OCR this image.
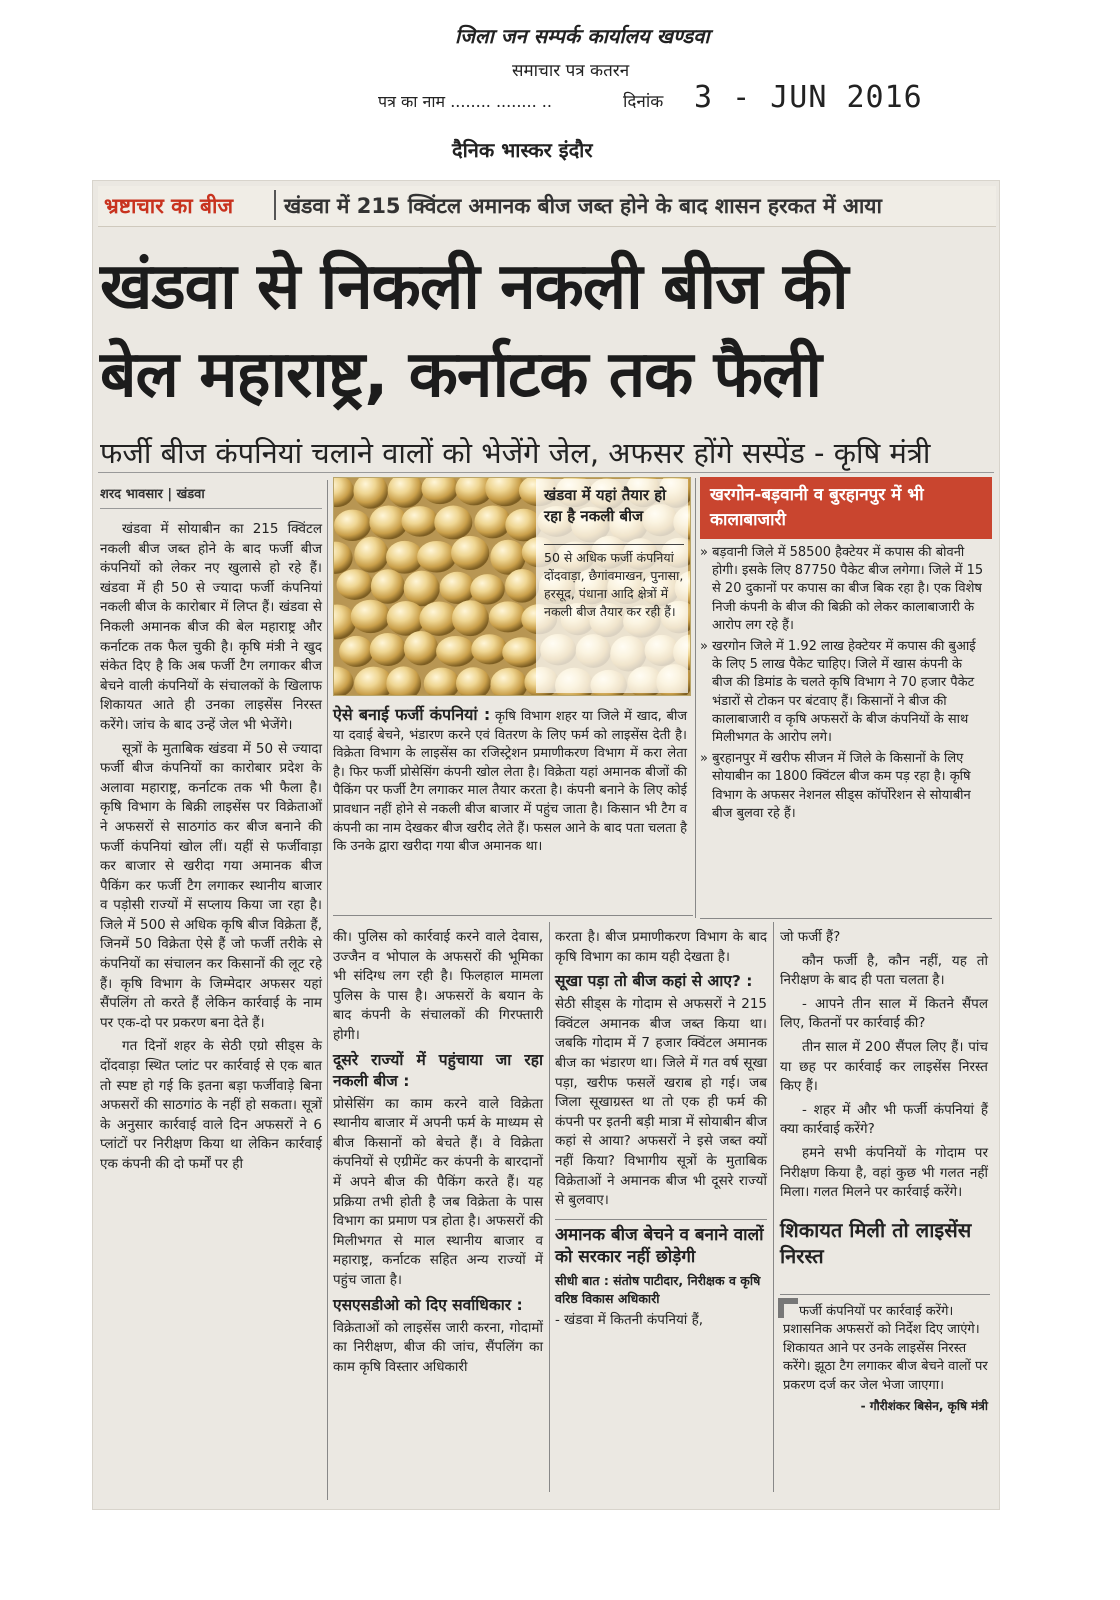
जिला जन सम्पर्क कार्यालय खण्डवा
समाचार पत्र कतरन
पत्र का नाम ........ ........ ..	दिनांक 3 - JUN 2016
दैनिक भास्कर इंदौर
भ्रष्टाचार का बीज खंडवा में 215 क्विंटल अमानक बीज जब्त होने के बाद शासन हरकत में आया
खंडवा से निकली नकली बीज की
बेल महाराष्ट्र, कर्नाटक तक फैली
फर्जी बीज कंपनियां चलाने वालों को भेजेंगे जेल, अफसर होंगे सस्पेंड - कृषि मंत्री
शरद भावसार | खंडवा

खंडवा में सोयाबीन का 215 क्विंटल नकली बीज जब्त होने के बाद फर्जी बीज कंपनियों को लेकर नए खुलासे हो रहे हैं। खंडवा में ही 50 से ज्यादा फर्जी कंपनियां नकली बीज के कारोबार में लिप्त हैं। खंडवा से निकली अमानक बीज की बेल महाराष्ट्र और कर्नाटक तक फैल चुकी है। कृषि मंत्री ने खुद संकेत दिए है कि अब फर्जी टैग लगाकर बीज बेचने वाली कंपनियों के संचालकों के खिलाफ शिकायत आते ही उनका लाइसेंस निरस्त करेंगे। जांच के बाद उन्हें जेल भी भेजेंगे।

सूत्रों के मुताबिक खंडवा में 50 से ज्यादा फर्जी बीज कंपनियों का कारोबार प्रदेश के अलावा महाराष्ट्र, कर्नाटक तक भी फैला है। कृषि विभाग के बिक्री लाइसेंस पर विक्रेताओं ने अफसरों से साठगांठ कर बीज बनाने की फर्जी कंपनियां खोल लीं। यहीं से फर्जीवाड़ा कर बाजार से खरीदा गया अमानक बीज पैकिंग कर फर्जी टैग लगाकर स्थानीय बाजार व पड़ोसी राज्यों में सप्लाय किया जा रहा है। जिले में 500 से अधिक कृषि बीज विक्रेता हैं, जिनमें 50 विक्रेता ऐसे हैं जो फर्जी तरीके से कंपनियों का संचालन कर किसानों की लूट रहे हैं। कृषि विभाग के जिम्मेदार अफसर यहां सैंपलिंग तो करते हैं लेकिन कार्रवाई के नाम पर एक-दो पर प्रकरण बना देते हैं।

गत दिनों शहर के सेठी एग्रो सीड्स के दोंदवाड़ा स्थित प्लांट पर कार्रवाई से एक बात तो स्पष्ट हो गई कि इतना बड़ा फर्जीवाड़े बिना अफसरों की साठगांठ के नहीं हो सकता। सूत्रों के अनुसार कार्रवाई वाले दिन अफसरों ने 6 प्लांटों पर निरीक्षण किया था लेकिन कार्रवाई एक कंपनी की दो फर्मों पर ही

खंडवा में यहां तैयार हो रहा है नकली बीज
50 से अधिक फर्जी कंपनियां दोंदवाड़ा, छैगांवमाखन, पुनासा, हरसूद, पंधाना आदि क्षेत्रों में नकली बीज तैयार कर रही हैं।
ऐसे बनाई फर्जी कंपनियां : कृषि विभाग शहर या जिले में खाद, बीज या दवाई बेचने, भंडारण करने एवं वितरण के लिए फर्म को लाइसेंस देती है। विक्रेता विभाग के लाइसेंस का रजिस्ट्रेशन प्रमाणीकरण विभाग में करा लेता है। फिर फर्जी प्रोसेसिंग कंपनी खोल लेता है। विक्रेता यहां अमानक बीजों की पैकिंग पर फर्जी टैग लगाकर माल तैयार करता है। कंपनी बनाने के लिए कोई प्रावधान नहीं होने से नकली बीज बाजार में पहुंच जाता है। किसान भी टैग व कंपनी का नाम देखकर बीज खरीद लेते हैं। फसल आने के बाद पता चलता है कि उनके द्वारा खरीदा गया बीज अमानक था।
खरगोन-बड़वानी व बुरहानपुर में भी कालाबाजारी

» बड़वानी जिले में 58500 हैक्टेयर में कपास की बोवनी होगी। इसके लिए 87750 पैकेट बीज लगेगा। जिले में 15 से 20 दुकानों पर कपास का बीज बिक रहा है। एक विशेष निजी कंपनी के बीज की बिक्री को लेकर कालाबाजारी के आरोप लग रहे हैं।

» खरगोन जिले में 1.92 लाख हेक्टेयर में कपास की बुआई के लिए 5 लाख पैकेट चाहिए। जिले में खास कंपनी के बीज की डिमांड के चलते कृषि विभाग ने 70 हजार पैकेट भंडारों से टोकन पर बंटवाए हैं। किसानों ने बीज की कालाबाजारी व कृषि अफसरों के बीज कंपनियों के साथ मिलीभगत के आरोप लगे।

» बुरहानपुर में खरीफ सीजन में जिले के किसानों के लिए सोयाबीन का 1800 क्विंटल बीज कम पड़ रहा है। कृषि विभाग के अफसर नेशनल सीड्स कॉर्पोरेशन से सोयाबीन बीज बुलवा रहे हैं।

की। पुलिस को कार्रवाई करने वाले देवास, उज्जैन व भोपाल के अफसरों की भूमिका भी संदिग्ध लग रही है। फिलहाल मामला पुलिस के पास है। अफसरों के बयान के बाद कंपनी के संचालकों की गिरफ्तारी होगी।

दूसरे राज्यों में पहुंचाया जा रहा नकली बीज :

प्रोसेसिंग का काम करने वाले विक्रेता स्थानीय बाजार में अपनी फर्म के माध्यम से बीज किसानों को बेचते हैं। वे विक्रेता कंपनियों से एग्रीमेंट कर कंपनी के बारदानों में अपने बीज की पैकिंग करते हैं। यह प्रक्रिया तभी होती है जब विक्रेता के पास विभाग का प्रमाण पत्र होता है। अफसरों की मिलीभगत से माल स्थानीय बाजार व महाराष्ट्र, कर्नाटक सहित अन्य राज्यों में पहुंच जाता है।

एसएसडीओ को दिए सर्वाधिकार :

विक्रेताओं को लाइसेंस जारी करना, गोदामों का निरीक्षण, बीज की जांच, सैंपलिंग का काम कृषि विस्तार अधिकारी

करता है। बीज प्रमाणीकरण विभाग के बाद कृषि विभाग का काम यही देखता है।

सूखा पड़ा तो बीज कहां से आए? :

सेठी सीड्स के गोदाम से अफसरों ने 215 क्विंटल अमानक बीज जब्त किया था। जबकि गोदाम में 7 हजार क्विंटल अमानक बीज का भंडारण था। जिले में गत वर्ष सूखा पड़ा, खरीफ फसलें खराब हो गई। जब जिला सूखाग्रस्त था तो एक ही फर्म की कंपनी पर इतनी बड़ी मात्रा में सोयाबीन बीज कहां से आया? अफसरों ने इसे जब्त क्यों नहीं किया? विभागीय सूत्रों के मुताबिक विक्रेताओं ने अमानक बीज भी दूसरे राज्यों से बुलवाए।

अमानक बीज बेचने व बनाने वालों को सरकार नहीं छोड़ेगी
सीधी बात : संतोष पाटीदार, निरीक्षक व कृषि वरिष्ठ विकास अधिकारी

- खंडवा में कितनी कंपनियां हैं,

जो फर्जी हैं?

कौन फर्जी है, कौन नहीं, यह तो निरीक्षण के बाद ही पता चलता है।

- आपने तीन साल में कितने सैंपल लिए, कितनों पर कार्रवाई की?

तीन साल में 200 सैंपल लिए हैं। पांच या छह पर कार्रवाई कर लाइसेंस निरस्त किए हैं।

- शहर में और भी फर्जी कंपनियां हैं क्या कार्रवाई करेंगे?

हमने सभी कंपनियों के गोदाम पर निरीक्षण किया है, वहां कुछ भी गलत नहीं मिला। गलत मिलने पर कार्रवाई करेंगे।

शिकायत मिली तो लाइसेंस निरस्त
फर्जी कंपनियों पर कार्रवाई करेंगे। प्रशासनिक अफसरों को निर्देश दिए जाएंगे। शिकायत आने पर उनके लाइसेंस निरस्त करेंगे। झूठा टैग लगाकर बीज बेचने वालों पर प्रकरण दर्ज कर जेल भेजा जाएगा।
- गौरीशंकर बिसेन, कृषि मंत्री
